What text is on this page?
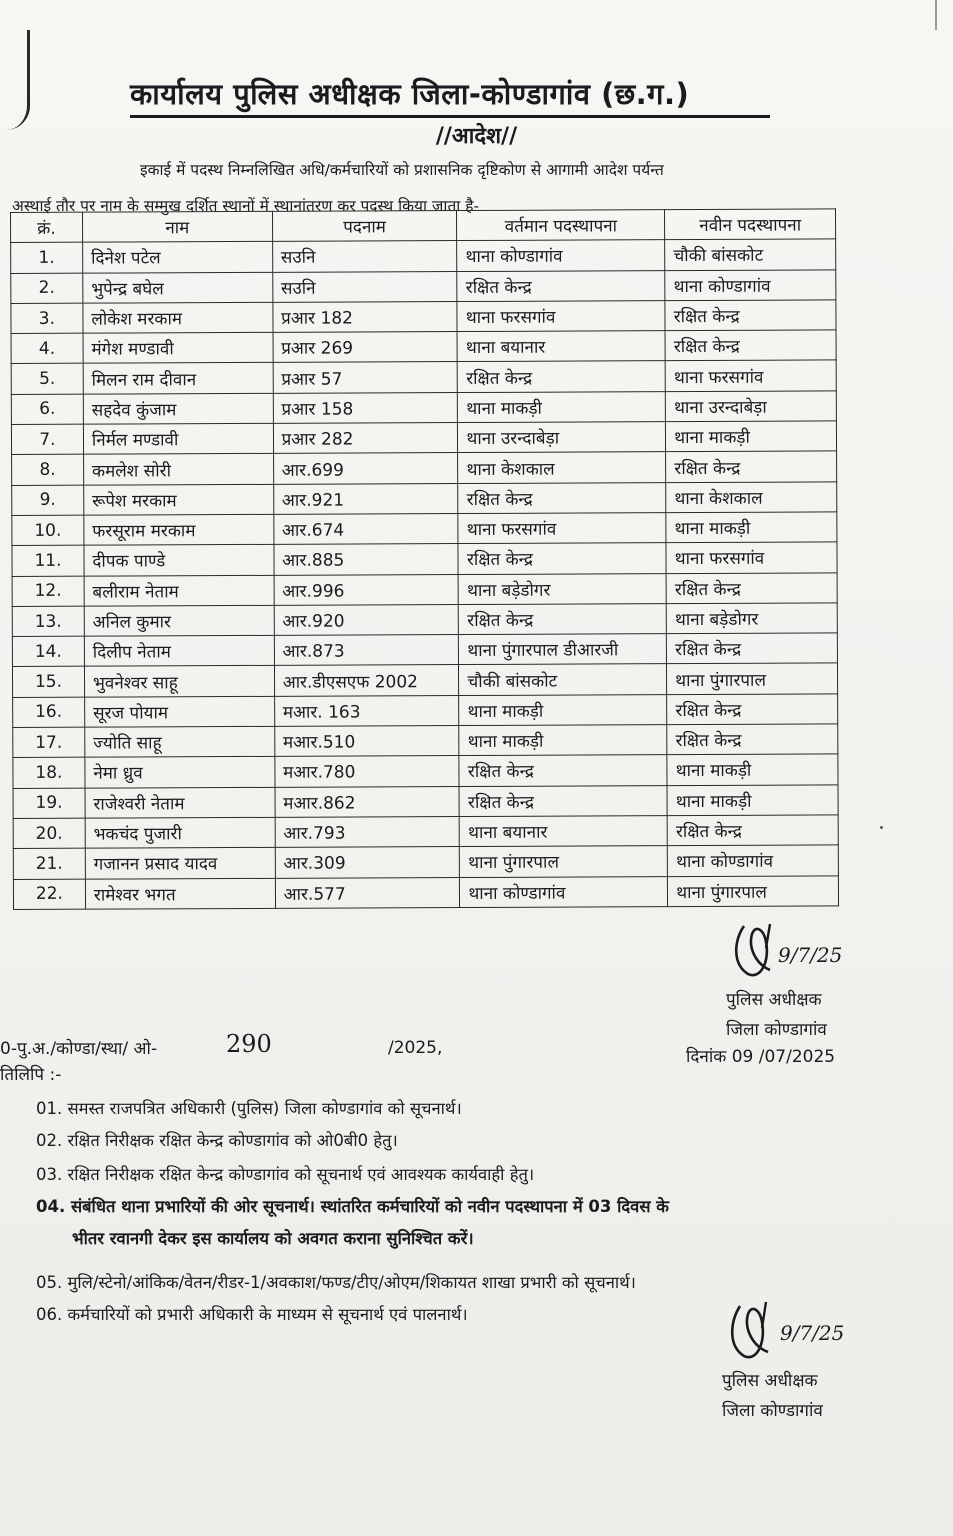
कार्यालय पुलिस अधीक्षक जिला-कोण्डागांव (छ.ग.)
//आदेश//
इकाई में पदस्थ निम्नलिखित अधि/कर्मचारियों को प्रशासनिक दृष्टिकोण से आगामी आदेश पर्यन्त
अस्थाई तौर पर नाम के सम्मुख दर्शित स्थानों में स्थानांतरण कर पदस्थ किया जाता है-
क्रं.	नाम	पदनाम	वर्तमान पदस्थापना	नवीन पदस्थापना
1.	दिनेश पटेल	सउनि	थाना कोण्डागांव	चौकी बांसकोट
2.	भुपेन्द्र बघेल	सउनि	रक्षित केन्द्र	थाना कोण्डागांव
3.	लोकेश मरकाम	प्रआर 182	थाना फरसगांव	रक्षित केन्द्र
4.	मंगेश मण्डावी	प्रआर 269	थाना बयानार	रक्षित केन्द्र
5.	मिलन राम दीवान	प्रआर 57	रक्षित केन्द्र	थाना फरसगांव
6.	सहदेव कुंजाम	प्रआर 158	थाना माकड़ी	थाना उरन्दाबेड़ा
7.	निर्मल मण्डावी	प्रआर 282	थाना उरन्दाबेड़ा	थाना माकड़ी
8.	कमलेश सोरी	आर.699	थाना केशकाल	रक्षित केन्द्र
9.	रूपेश मरकाम	आर.921	रक्षित केन्द्र	थाना केशकाल
10.	फरसूराम मरकाम	आर.674	थाना फरसगांव	थाना माकड़ी
11.	दीपक पाण्डे	आर.885	रक्षित केन्द्र	थाना फरसगांव
12.	बलीराम नेताम	आर.996	थाना बड़ेडोगर	रक्षित केन्द्र
13.	अनिल कुमार	आर.920	रक्षित केन्द्र	थाना बड़ेडोगर
14.	दिलीप नेताम	आर.873	थाना पुंगारपाल डीआरजी	रक्षित केन्द्र
15.	भुवनेश्वर साहू	आर.डीएसएफ 2002	चौकी बांसकोट	थाना पुंगारपाल
16.	सूरज पोयाम	मआर. 163	थाना माकड़ी	रक्षित केन्द्र
17.	ज्योति साहू	मआर.510	थाना माकड़ी	रक्षित केन्द्र
18.	नेमा ध्रुव	मआर.780	रक्षित केन्द्र	थाना माकड़ी
19.	राजेश्वरी नेताम	मआर.862	रक्षित केन्द्र	थाना माकड़ी
20.	भकचंद पुजारी	आर.793	थाना बयानार	रक्षित केन्द्र
21.	गजानन प्रसाद यादव	आर.309	थाना पुंगारपाल	थाना कोण्डागांव
22.	रामेश्वर भगत	आर.577	थाना कोण्डागांव	थाना पुंगारपाल
9/7/25
पुलिस अधीक्षक
जिला कोण्डागांव
0-पु.अ./कोण्डा/स्था/ ओ-	290	/2025,	दिनांक 09 /07/2025
तिलिपि :-
01. समस्त राजपत्रित अधिकारी (पुलिस) जिला कोण्डागांव को सूचनार्थ।
02. रक्षित निरीक्षक रक्षित केन्द्र कोण्डागांव को ओ0बी0 हेतु।
03. रक्षित निरीक्षक रक्षित केन्द्र कोण्डागांव को सूचनार्थ एवं आवश्यक कार्यवाही हेतु।
04. संबंधित थाना प्रभारियों की ओर सूचनार्थ। स्थांतरित कर्मचारियों को नवीन पदस्थापना में 03 दिवस के
भीतर रवानगी देकर इस कार्यालय को अवगत कराना सुनिश्चित करें।
05. मुलि/स्टेनो/आंकिक/वेतन/रीडर-1/अवकाश/फण्ड/टीए/ओएम/शिकायत शाखा प्रभारी को सूचनार्थ।
06. कर्मचारियों को प्रभारी अधिकारी के माध्यम से सूचनार्थ एवं पालनार्थ।
9/7/25
पुलिस अधीक्षक
जिला कोण्डागांव
